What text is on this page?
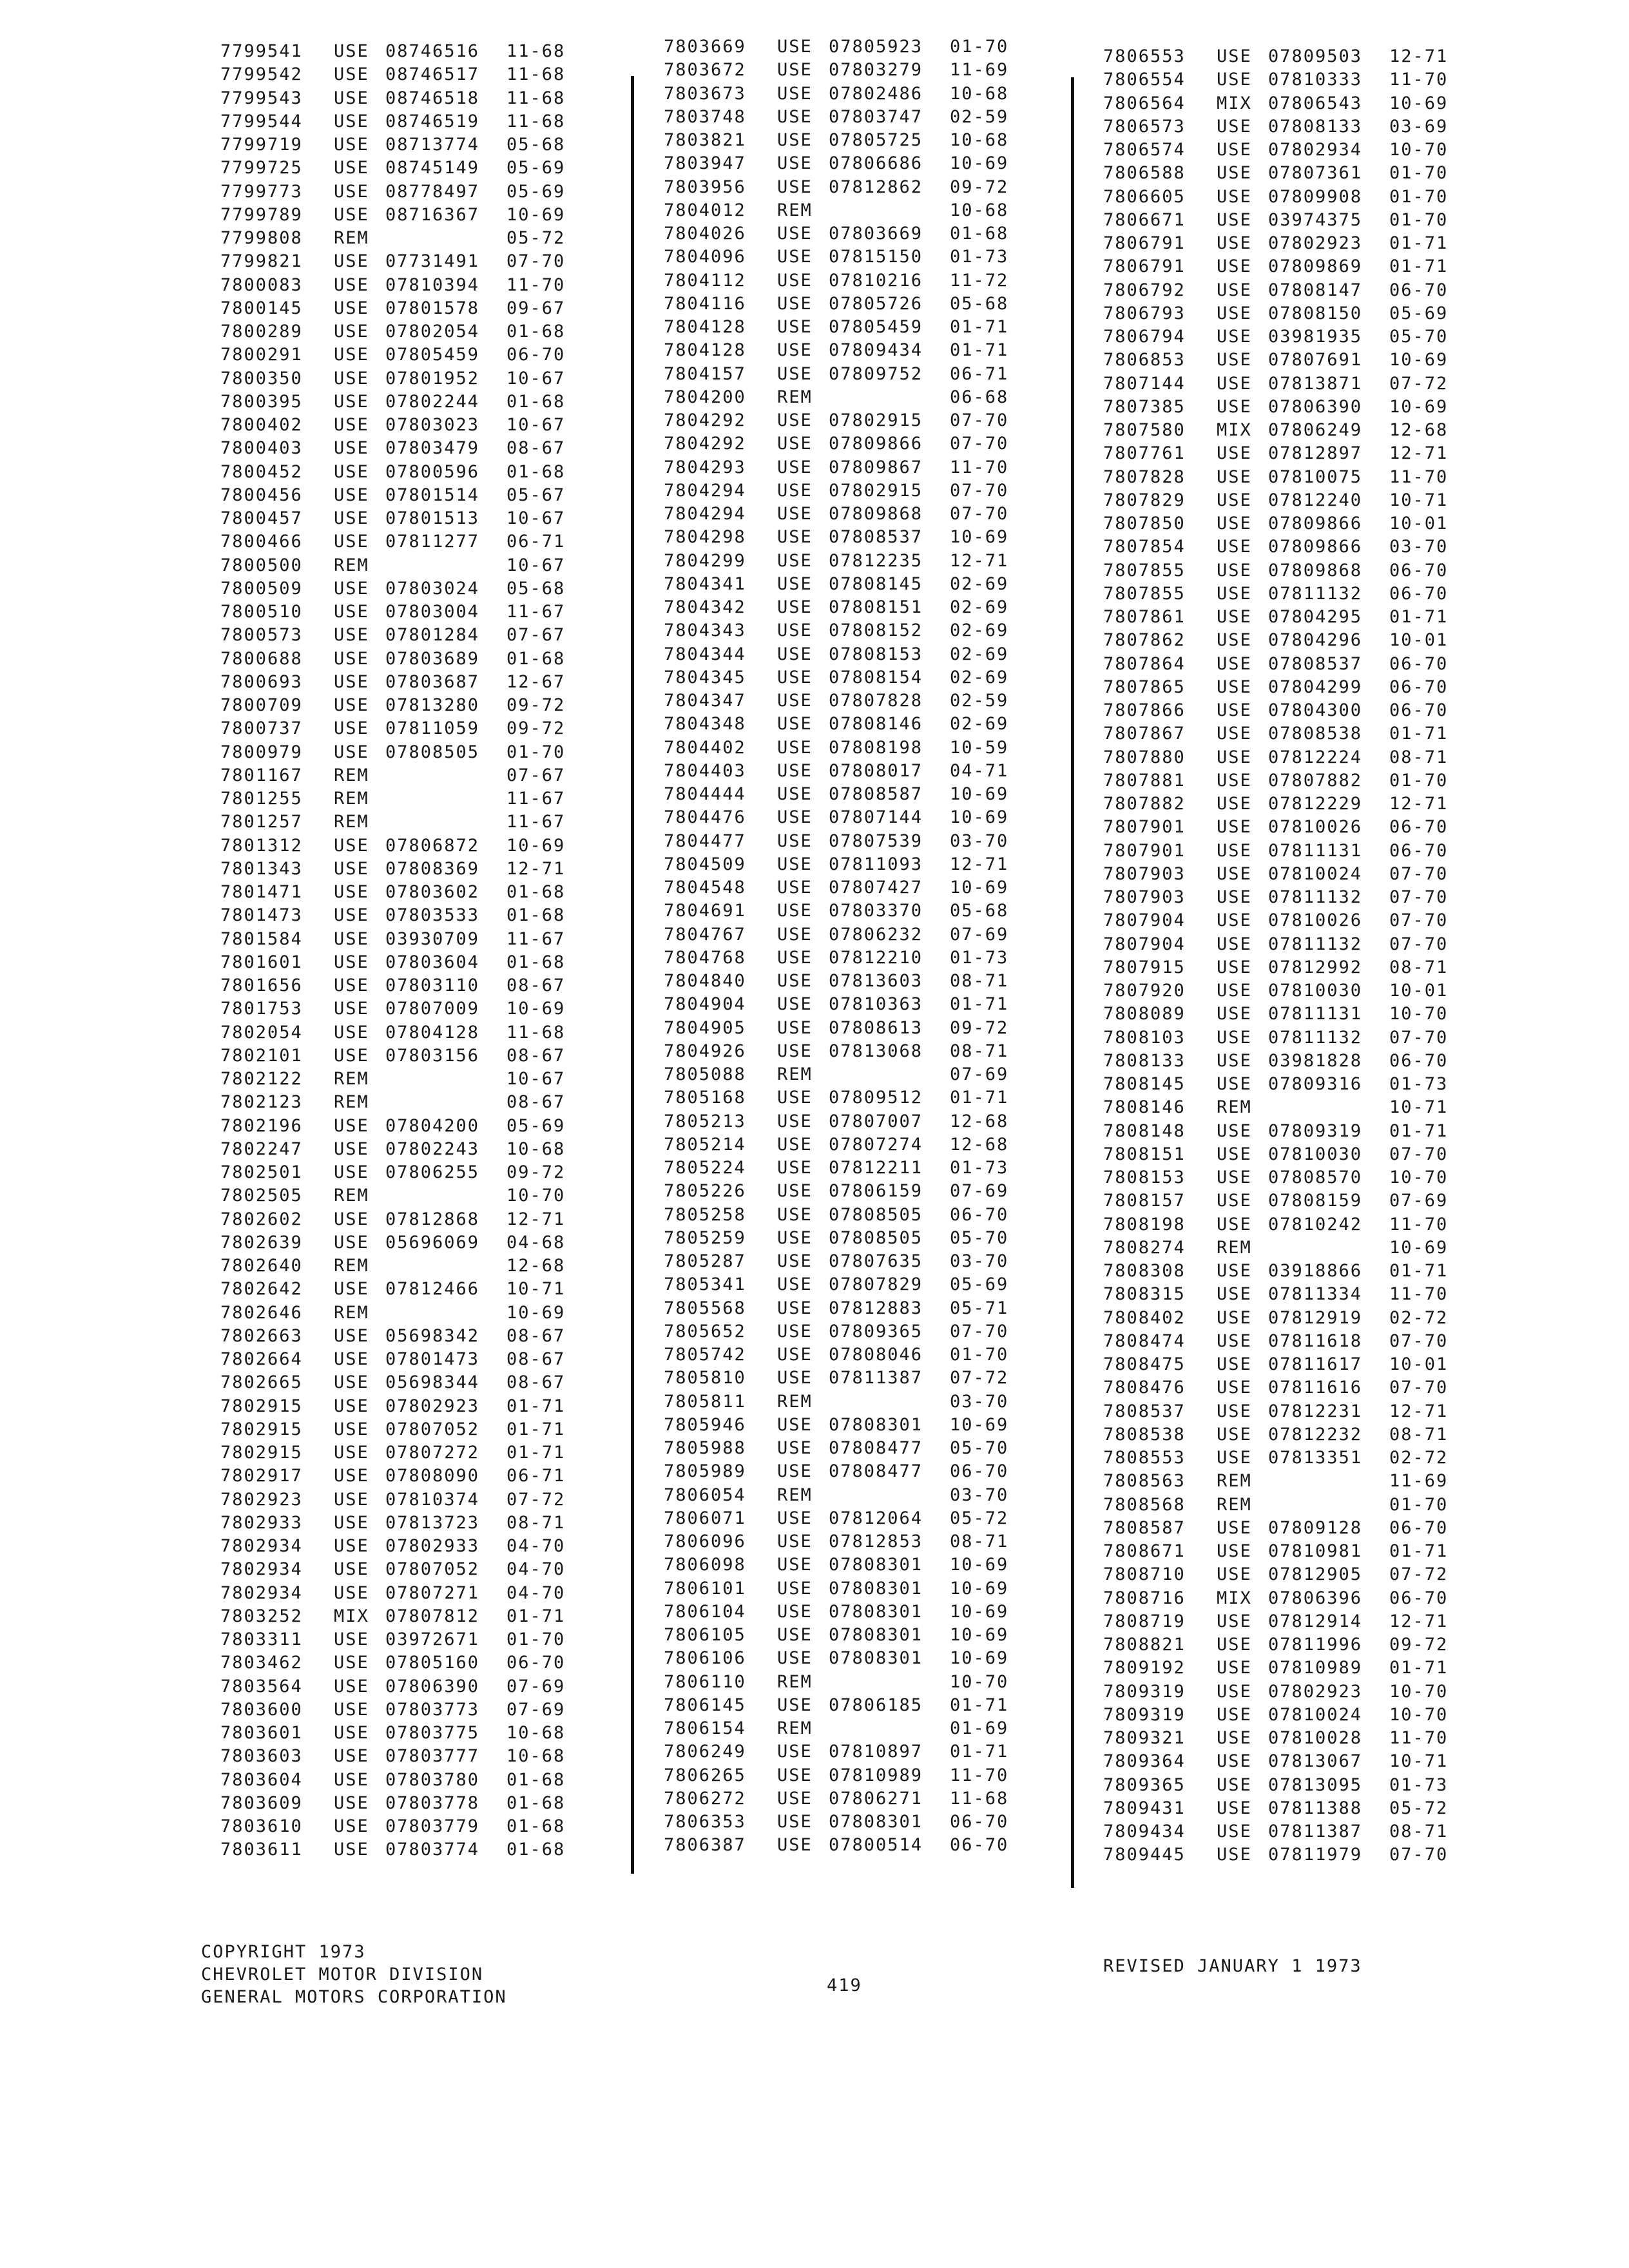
7799541 USE 08746516 11-68
7799542 USE 08746517 11-68
7799543 USE 08746518 11-68
7799544 USE 08746519 11-68
7799719 USE 08713774 05-68
7799725 USE 08745149 05-69
7799773 USE 08778497 05-69
7799789 USE 08716367 10-69
7799808 REM	05-72
7799821 USE 07731491 07-70
7800083 USE 07810394 11-70
7800145 USE 07801578 09-67
7800289 USE 07802054 01-68
7800291 USE 07805459 06-70
7800350 USE 07801952 10-67
7800395 USE 07802244 01-68
7800402 USE 07803023 10-67
7800403 USE 07803479 08-67
7800452 USE 07800596 01-68
7800456 USE 07801514 05-67
7800457 USE 07801513 10-67
7800466 USE 07811277 06-71
7800500 REM	10-67
7800509 USE 07803024 05-68
7800510 USE 07803004 11-67
7800573 USE 07801284 07-67
7800688 USE 07803689 01-68
7800693 USE 07803687 12-67
7800709 USE 07813280 09-72
7800737 USE 07811059 09-72
7800979 USE 07808505 01-70
7801167 REM	07-67
7801255 REM	11-67
7801257 REM	11-67
7801312 USE 07806872 10-69
7801343 USE 07808369 12-71
7801471 USE 07803602 01-68
7801473 USE 07803533 01-68
7801584 USE 03930709 11-67
7801601 USE 07803604 01-68
7801656 USE 07803110 08-67
7801753 USE 07807009 10-69
7802054 USE 07804128 11-68
7802101 USE 07803156 08-67
7802122 REM	10-67
7802123 REM	08-67
7802196 USE 07804200 05-69
7802247 USE 07802243 10-68
7802501 USE 07806255 09-72
7802505 REM	10-70
7802602 USE 07812868 12-71
7802639 USE 05696069 04-68
7802640 REM	12-68
7802642 USE 07812466 10-71
7802646 REM	10-69
7802663 USE 05698342 08-67
7802664 USE 07801473 08-67
7802665 USE 05698344 08-67
7802915 USE 07802923 01-71
7802915 USE 07807052 01-71
7802915 USE 07807272 01-71
7802917 USE 07808090 06-71
7802923 USE 07810374 07-72
7802933 USE 07813723 08-71
7802934 USE 07802933 04-70
7802934 USE 07807052 04-70
7802934 USE 07807271 04-70
7803252 MIX 07807812 01-71
7803311 USE 03972671 01-70
7803462 USE 07805160 06-70
7803564 USE 07806390 07-69
7803600 USE 07803773 07-69
7803601 USE 07803775 10-68
7803603 USE 07803777 10-68
7803604 USE 07803780 01-68
7803609 USE 07803778 01-68
7803610 USE 07803779 01-68
7803611 USE 07803774 01-68
7803669 USE 07805923 01-70
7803672 USE 07803279 11-69
7803673 USE 07802486 10-68
7803748 USE 07803747 02-59
7803821 USE 07805725 10-68
7803947 USE 07806686 10-69
7803956 USE 07812862 09-72
7804012 REM	10-68
7804026 USE 07803669 01-68
7804096 USE 07815150 01-73
7804112 USE 07810216 11-72
7804116 USE 07805726 05-68
7804128 USE 07805459 01-71
7804128 USE 07809434 01-71
7804157 USE 07809752 06-71
7804200 REM	06-68
7804292 USE 07802915 07-70
7804292 USE 07809866 07-70
7804293 USE 07809867 11-70
7804294 USE 07802915 07-70
7804294 USE 07809868 07-70
7804298 USE 07808537 10-69
7804299 USE 07812235 12-71
7804341 USE 07808145 02-69
7804342 USE 07808151 02-69
7804343 USE 07808152 02-69
7804344 USE 07808153 02-69
7804345 USE 07808154 02-69
7804347 USE 07807828 02-59
7804348 USE 07808146 02-69
7804402 USE 07808198 10-59
7804403 USE 07808017 04-71
7804444 USE 07808587 10-69
7804476 USE 07807144 10-69
7804477 USE 07807539 03-70
7804509 USE 07811093 12-71
7804548 USE 07807427 10-69
7804691 USE 07803370 05-68
7804767 USE 07806232 07-69
7804768 USE 07812210 01-73
7804840 USE 07813603 08-71
7804904 USE 07810363 01-71
7804905 USE 07808613 09-72
7804926 USE 07813068 08-71
7805088 REM	07-69
7805168 USE 07809512 01-71
7805213 USE 07807007 12-68
7805214 USE 07807274 12-68
7805224 USE 07812211 01-73
7805226 USE 07806159 07-69
7805258 USE 07808505 06-70
7805259 USE 07808505 05-70
7805287 USE 07807635 03-70
7805341 USE 07807829 05-69
7805568 USE 07812883 05-71
7805652 USE 07809365 07-70
7805742 USE 07808046 01-70
7805810 USE 07811387 07-72
7805811 REM	03-70
7805946 USE 07808301 10-69
7805988 USE 07808477 05-70
7805989 USE 07808477 06-70
7806054 REM	03-70
7806071 USE 07812064 05-72
7806096 USE 07812853 08-71
7806098 USE 07808301 10-69
7806101 USE 07808301 10-69
7806104 USE 07808301 10-69
7806105 USE 07808301 10-69
7806106 USE 07808301 10-69
7806110 REM	10-70
7806145 USE 07806185 01-71
7806154 REM	01-69
7806249 USE 07810897 01-71
7806265 USE 07810989 11-70
7806272 USE 07806271 11-68
7806353 USE 07808301 06-70
7806387 USE 07800514 06-70
7806553 USE 07809503 12-71
7806554 USE 07810333 11-70
7806564 MIX 07806543 10-69
7806573 USE 07808133 03-69
7806574 USE 07802934 10-70
7806588 USE 07807361 01-70
7806605 USE 07809908 01-70
7806671 USE 03974375 01-70
7806791 USE 07802923 01-71
7806791 USE 07809869 01-71
7806792 USE 07808147 06-70
7806793 USE 07808150 05-69
7806794 USE 03981935 05-70
7806853 USE 07807691 10-69
7807144 USE 07813871 07-72
7807385 USE 07806390 10-69
7807580 MIX 07806249 12-68
7807761 USE 07812897 12-71
7807828 USE 07810075 11-70
7807829 USE 07812240 10-71
7807850 USE 07809866 10-01
7807854 USE 07809866 03-70
7807855 USE 07809868 06-70
7807855 USE 07811132 06-70
7807861 USE 07804295 01-71
7807862 USE 07804296 10-01
7807864 USE 07808537 06-70
7807865 USE 07804299 06-70
7807866 USE 07804300 06-70
7807867 USE 07808538 01-71
7807880 USE 07812224 08-71
7807881 USE 07807882 01-70
7807882 USE 07812229 12-71
7807901 USE 07810026 06-70
7807901 USE 07811131 06-70
7807903 USE 07810024 07-70
7807903 USE 07811132 07-70
7807904 USE 07810026 07-70
7807904 USE 07811132 07-70
7807915 USE 07812992 08-71
7807920 USE 07810030 10-01
7808089 USE 07811131 10-70
7808103 USE 07811132 07-70
7808133 USE 03981828 06-70
7808145 USE 07809316 01-73
7808146 REM	10-71
7808148 USE 07809319 01-71
7808151 USE 07810030 07-70
7808153 USE 07808570 10-70
7808157 USE 07808159 07-69
7808198 USE 07810242 11-70
7808274 REM	10-69
7808308 USE 03918866 01-71
7808315 USE 07811334 11-70
7808402 USE 07812919 02-72
7808474 USE 07811618 07-70
7808475 USE 07811617 10-01
7808476 USE 07811616 07-70
7808537 USE 07812231 12-71
7808538 USE 07812232 08-71
7808553 USE 07813351 02-72
7808563 REM	11-69
7808568 REM	01-70
7808587 USE 07809128 06-70
7808671 USE 07810981 01-71
7808710 USE 07812905 07-72
7808716 MIX 07806396 06-70
7808719 USE 07812914 12-71
7808821 USE 07811996 09-72
7809192 USE 07810989 01-71
7809319 USE 07802923 10-70
7809319 USE 07810024 10-70
7809321 USE 07810028 11-70
7809364 USE 07813067 10-71
7809365 USE 07813095 01-73
7809431 USE 07811388 05-72
7809434 USE 07811387 08-71
7809445 USE 07811979 07-70
COPYRIGHT 1973
CHEVROLET MOTOR DIVISION
GENERAL MOTORS CORPORATION
419
REVISED JANUARY 1 1973
